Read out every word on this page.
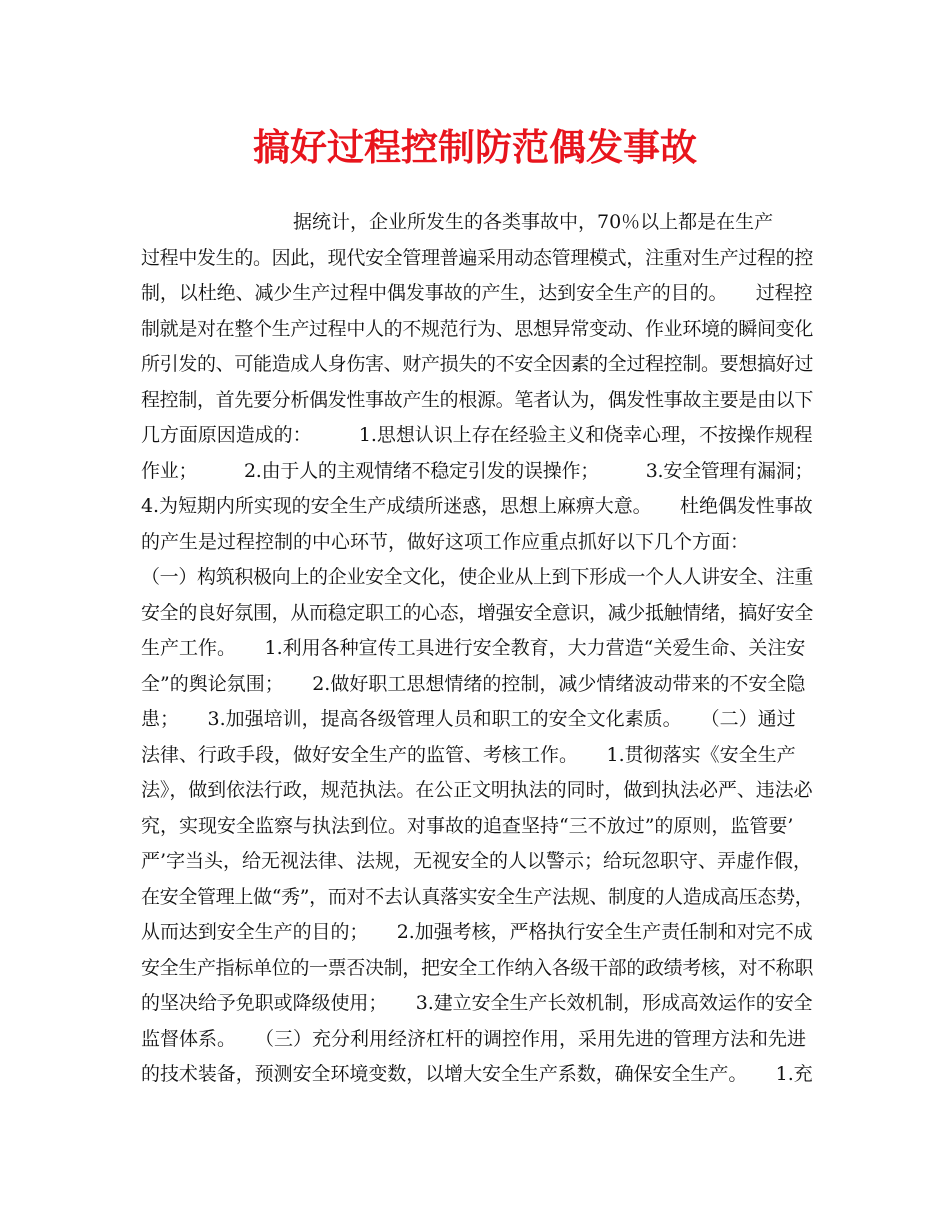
搞好过程控制防范偶发事故
　　　　　　　　据统计，企业所发生的各类事故中，70％以上都是在生产
过程中发生的。因此，现代安全管理普遍采用动态管理模式，注重对生产过程的控
制，以杜绝、减少生产过程中偶发事故的产生，达到安全生产的目的。　　过程控
制就是对在整个生产过程中人的不规范行为、思想异常变动、作业环境的瞬间变化
所引发的、可能造成人身伤害、财产损失的不安全因素的全过程控制。要想搞好过
程控制，首先要分析偶发性事故产生的根源。笔者认为，偶发性事故主要是由以下
几方面原因造成的：　　　1.思想认识上存在经验主义和侥幸心理，不按操作规程
作业；　　　2.由于人的主观情绪不稳定引发的误操作；　　　3.安全管理有漏洞；
4.为短期内所实现的安全生产成绩所迷惑，思想上麻痹大意。　　杜绝偶发性事故
的产生是过程控制的中心环节，做好这项工作应重点抓好以下几个方面：
（一）构筑积极向上的企业安全文化，使企业从上到下形成一个人人讲安全、注重
安全的良好氛围，从而稳定职工的心态，增强安全意识，减少抵触情绪，搞好安全
生产工作。　　1.利用各种宣传工具进行安全教育，大力营造“关爱生命、关注安
全”的舆论氛围；　　2.做好职工思想情绪的控制，减少情绪波动带来的不安全隐
患；　　3.加强培训，提高各级管理人员和职工的安全文化素质。　　（二）通过
法律、行政手段，做好安全生产的监管、考核工作。　　1.贯彻落实《安全生产
法》，做到依法行政，规范执法。在公正文明执法的同时，做到执法必严、违法必
究，实现安全监察与执法到位。对事故的追查坚持“三不放过”的原则，监管要’
严’字当头，给无视法律、法规，无视安全的人以警示；给玩忽职守、弄虚作假，
在安全管理上做“秀”，而对不去认真落实安全生产法规、制度的人造成高压态势，
从而达到安全生产的目的；　　2.加强考核，严格执行安全生产责任制和对完不成
安全生产指标单位的一票否决制，把安全工作纳入各级干部的政绩考核，对不称职
的坚决给予免职或降级使用；　　3.建立安全生产长效机制，形成高效运作的安全
监督体系。　　（三）充分利用经济杠杆的调控作用，采用先进的管理方法和先进
的技术装备，预测安全环境变数，以增大安全生产系数，确保安全生产。　　1.充
